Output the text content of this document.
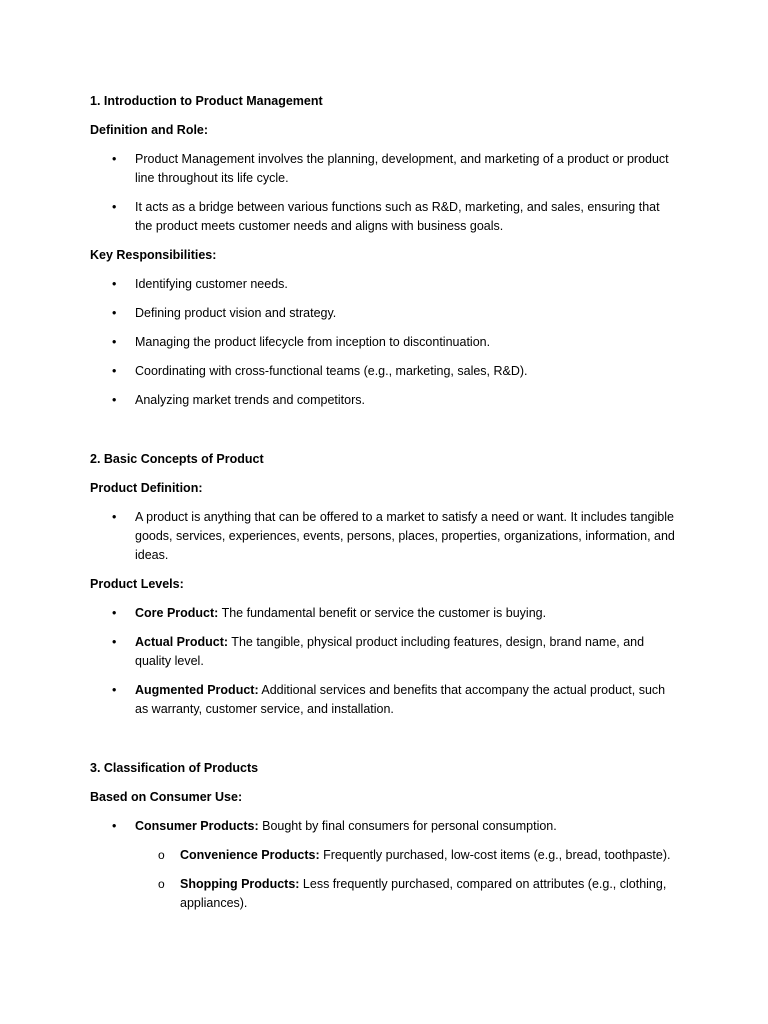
1. Introduction to Product Management
Definition and Role:
• Product Management involves the planning, development, and marketing of a product or product line throughout its life cycle.
• It acts as a bridge between various functions such as R&D, marketing, and sales, ensuring that the product meets customer needs and aligns with business goals.
Key Responsibilities:
• Identifying customer needs.
• Defining product vision and strategy.
• Managing the product lifecycle from inception to discontinuation.
• Coordinating with cross-functional teams (e.g., marketing, sales, R&D).
• Analyzing market trends and competitors.
2. Basic Concepts of Product
Product Definition:
• A product is anything that can be offered to a market to satisfy a need or want. It includes tangible goods, services, experiences, events, persons, places, properties, organizations, information, and ideas.
Product Levels:
• Core Product: The fundamental benefit or service the customer is buying.
• Actual Product: The tangible, physical product including features, design, brand name, and quality level.
• Augmented Product: Additional services and benefits that accompany the actual product, such as warranty, customer service, and installation.
3. Classification of Products
Based on Consumer Use:
• Consumer Products: Bought by final consumers for personal consumption.
o Convenience Products: Frequently purchased, low-cost items (e.g., bread, toothpaste).
o Shopping Products: Less frequently purchased, compared on attributes (e.g., clothing, appliances).
